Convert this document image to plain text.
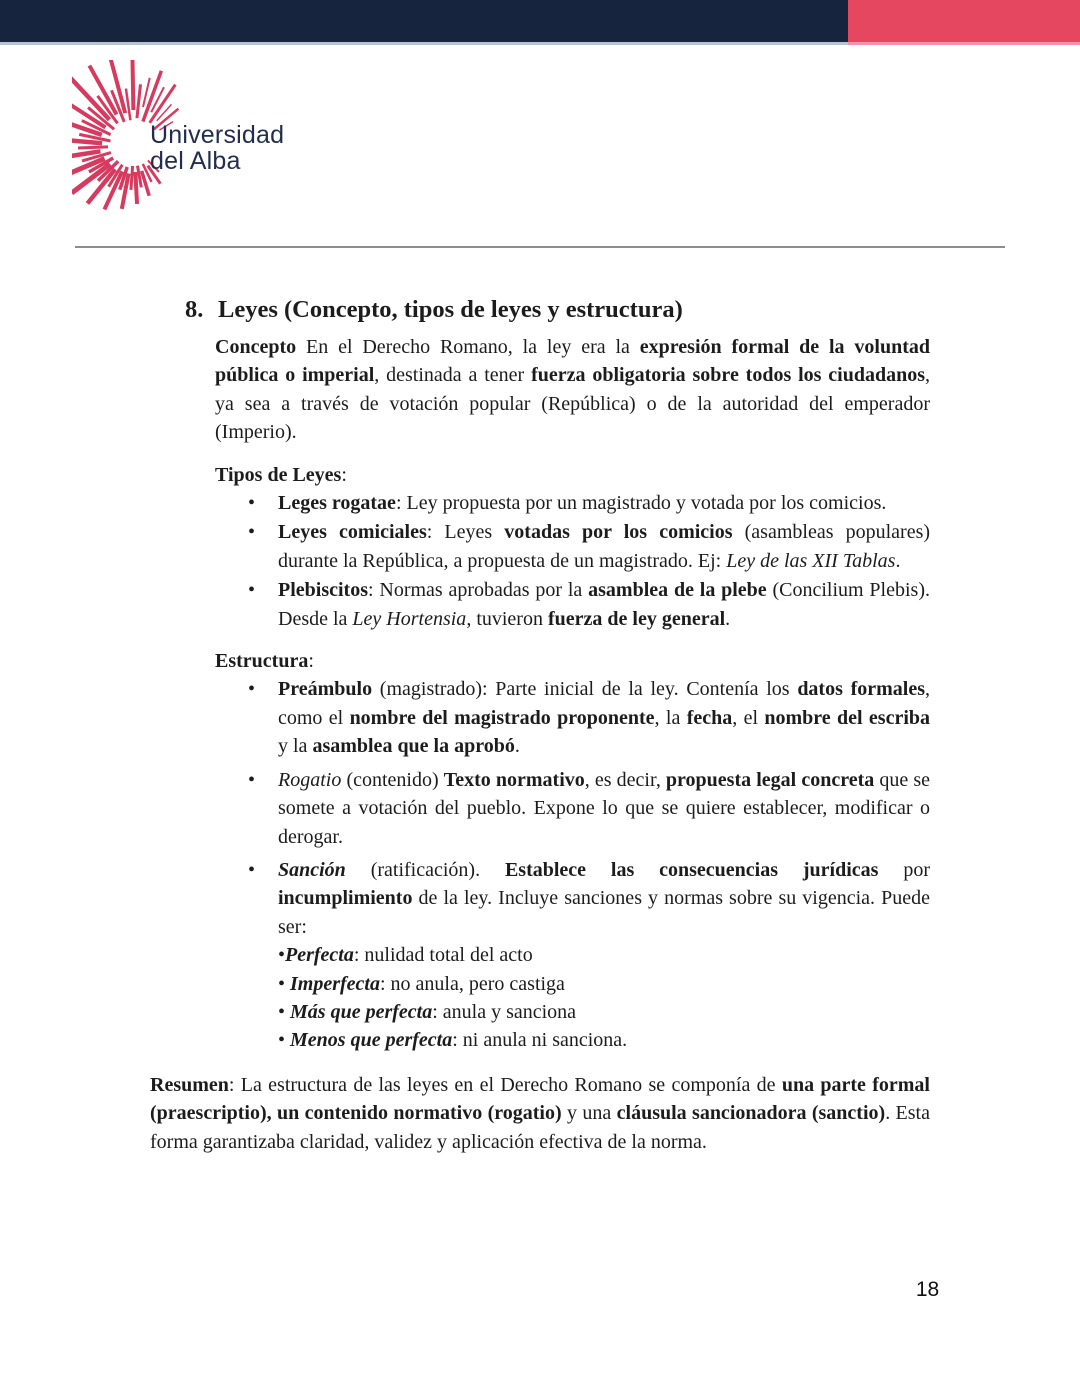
Universidad
del Alba
8. Leyes (Concepto, tipos de leyes y estructura)

Concepto En el Derecho Romano, la ley era la expresión formal de la voluntad pública o imperial, destinada a tener fuerza obligatoria sobre todos los ciudadanos, ya sea a través de votación popular (República) o de la autoridad del emperador (Imperio).

Tipos de Leyes:

•	Leges rogatae: Ley propuesta por un magistrado y votada por los comicios.

•	Leyes comiciales: Leyes votadas por los comicios (asambleas populares) durante la República, a propuesta de un magistrado. Ej: Ley de las XII Tablas.

•	Plebiscitos: Normas aprobadas por la asamblea de la plebe (Concilium Plebis). Desde la Ley Hortensia, tuvieron fuerza de ley general.

Estructura:

•	Preámbulo (magistrado): Parte inicial de la ley. Contenía los datos formales, como el nombre del magistrado proponente, la fecha, el nombre del escriba y la asamblea que la aprobó.

•	Rogatio (contenido) Texto normativo, es decir, propuesta legal concreta que se somete a votación del pueblo. Expone lo que se quiere establecer, modificar o derogar.

•	Sanción (ratificación). Establece las consecuencias jurídicas por incumplimiento de la ley. Incluye sanciones y normas sobre su vigencia. Puede ser:

•Perfecta: nulidad total del acto

• Imperfecta: no anula, pero castiga

• Más que perfecta: anula y sanciona

• Menos que perfecta: ni anula ni sanciona.

Resumen: La estructura de las leyes en el Derecho Romano se componía de una parte formal (praescriptio), un contenido normativo (rogatio) y una cláusula sancionadora (sanctio). Esta forma garantizaba claridad, validez y aplicación efectiva de la norma.

18
